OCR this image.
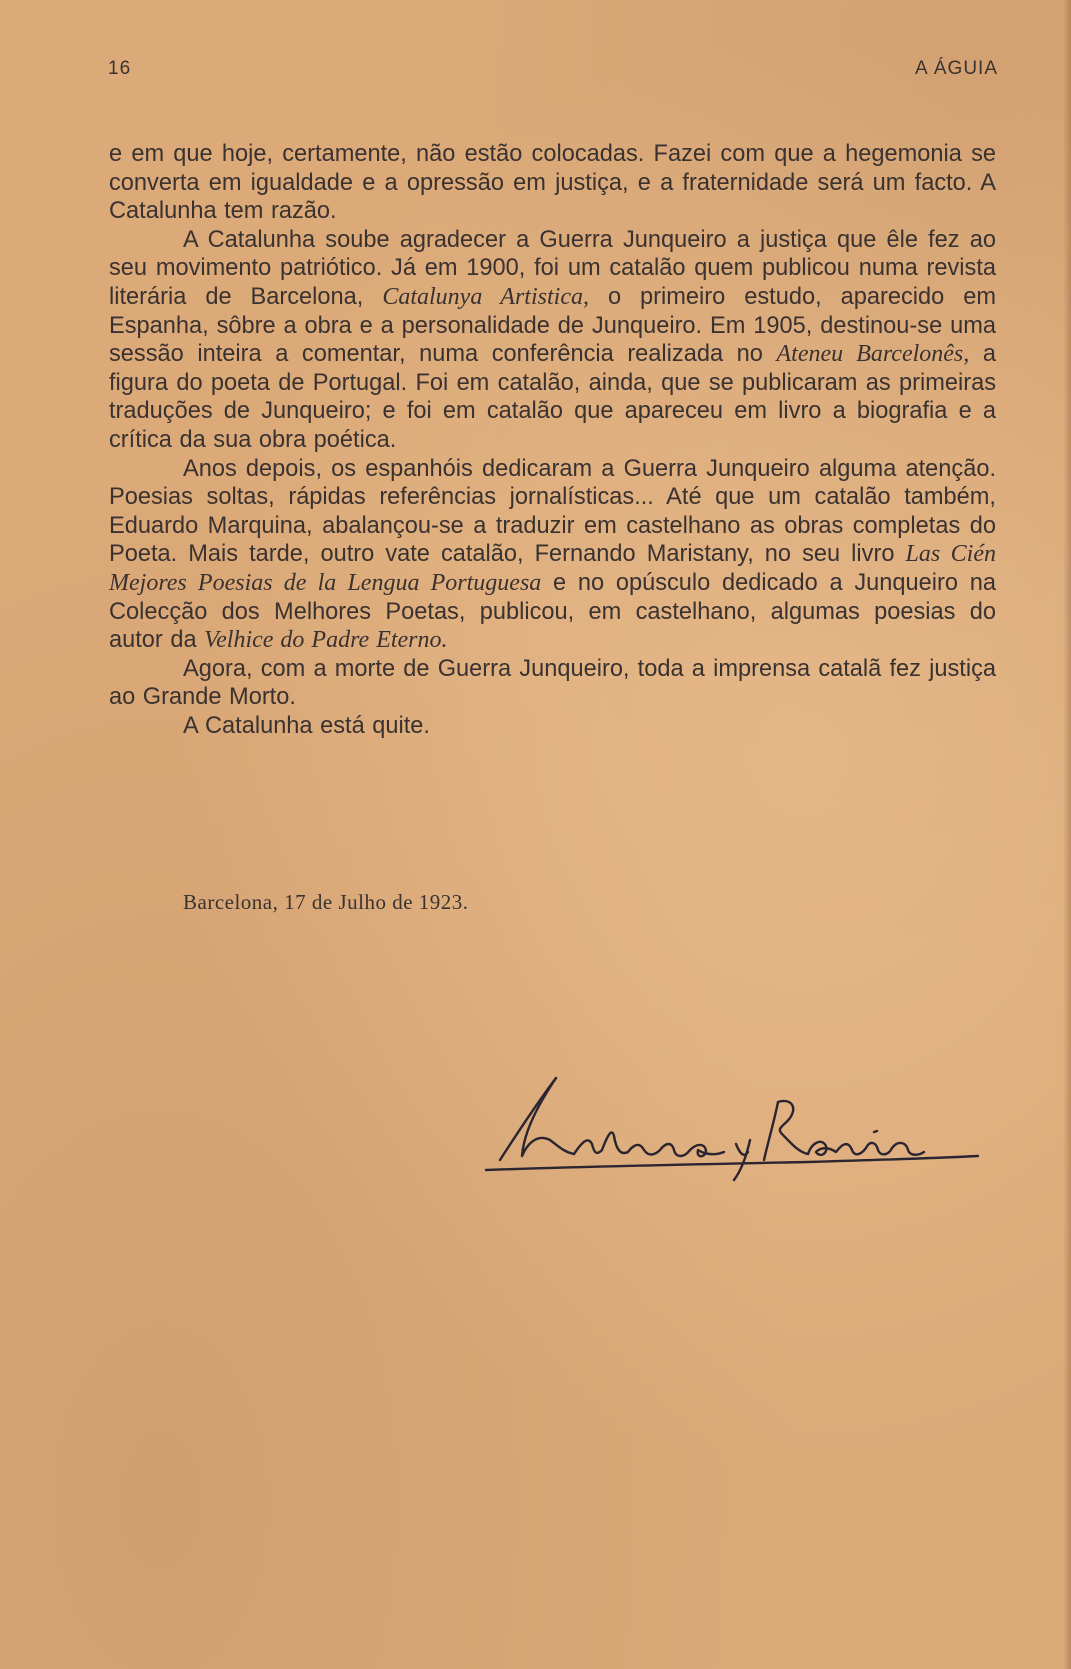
16	A ÁGUIA

e em que hoje, certamente, não estão colocadas. Fazei com que a hegemonia se converta em igualdade e a opressão em justiça, e a fraternidade será um facto. A Catalunha tem razão.

A Catalunha soube agradecer a Guerra Junqueiro a justiça que êle fez ao seu movimento patriótico. Já em 1900, foi um catalão quem publicou numa revista literária de Barcelona, Catalunya Artistica, o primeiro estudo, aparecido em Espanha, sôbre a obra e a personalidade de Junqueiro. Em 1905, destinou-se uma sessão inteira a comentar, numa conferência realizada no Ateneu Barcelonês, a figura do poeta de Portugal. Foi em catalão, ainda, que se publicaram as primeiras traduções de Junqueiro; e foi em catalão que apareceu em livro a biografia e a crítica da sua obra poética.

Anos depois, os espanhóis dedicaram a Guerra Junqueiro alguma atenção. Poesias soltas, rápidas referências jornalísticas... Até que um catalão também, Eduardo Marquina, abalançou-se a traduzir em castelhano as obras completas do Poeta. Mais tarde, outro vate catalão, Fernando Maristany, no seu livro Las Cién Mejores Poesias de la Lengua Portuguesa e no opúsculo dedicado a Junqueiro na Colecção dos Melhores Poetas, publicou, em castelhano, algumas poesias do autor da Velhice do Padre Eterno.

Agora, com a morte de Guerra Junqueiro, toda a imprensa catalã fez justiça ao Grande Morto.

A Catalunha está quite.

Barcelona, 17 de Julho de 1923.
